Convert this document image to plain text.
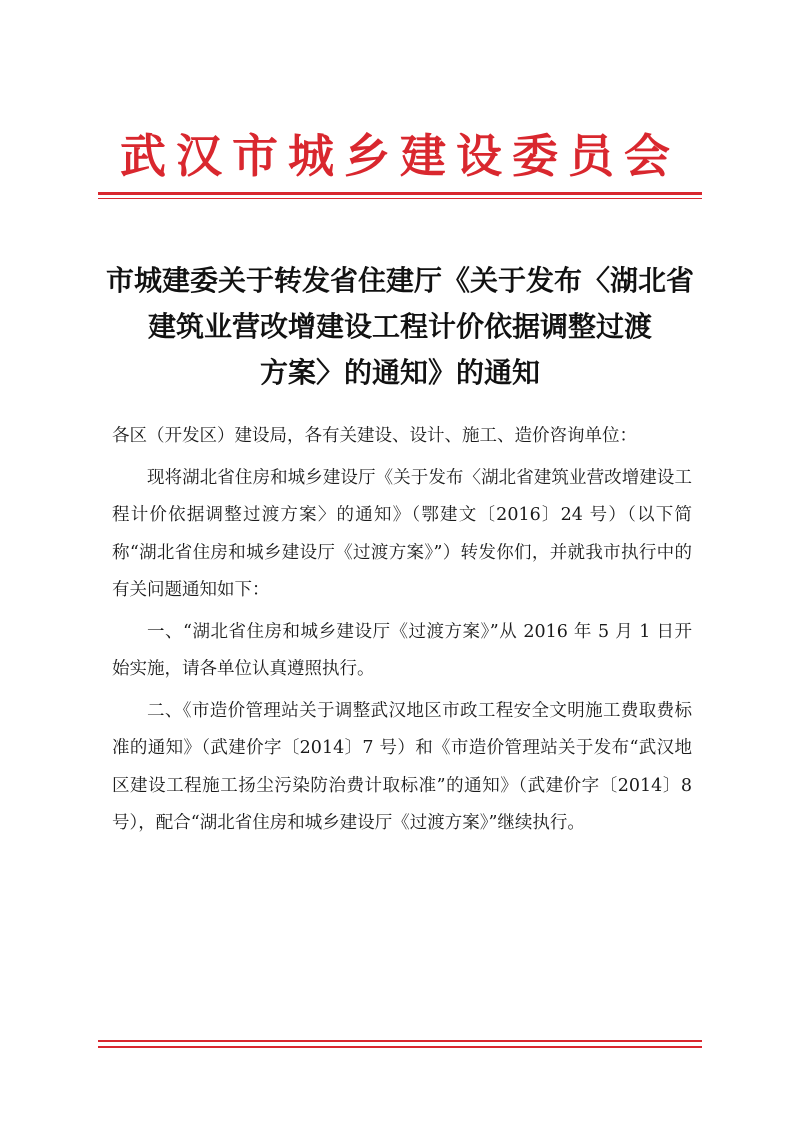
武汉市城乡建设委员会
市城建委关于转发省住建厅《关于发布〈湖北省
建筑业营改增建设工程计价依据调整过渡
方案〉的通知》的通知

各区（开发区）建设局，各有关建设、设计、施工、造价咨询单位：

现将湖北省住房和城乡建设厅《关于发布〈湖北省建筑业营改增建设工程计价依据调整过渡方案〉的通知》（鄂建文〔2016〕24 号）（以下简称“湖北省住房和城乡建设厅《过渡方案》”）转发你们，并就我市执行中的有关问题通知如下：

一、“湖北省住房和城乡建设厅《过渡方案》”从 2016 年 5 月 1 日开始实施，请各单位认真遵照执行。

二、《市造价管理站关于调整武汉地区市政工程安全文明施工费取费标准的通知》（武建价字〔2014〕7 号）和《市造价管理站关于发布“武汉地区建设工程施工扬尘污染防治费计取标准”的通知》（武建价字〔2014〕8 号），配合“湖北省住房和城乡建设厅《过渡方案》”继续执行。
